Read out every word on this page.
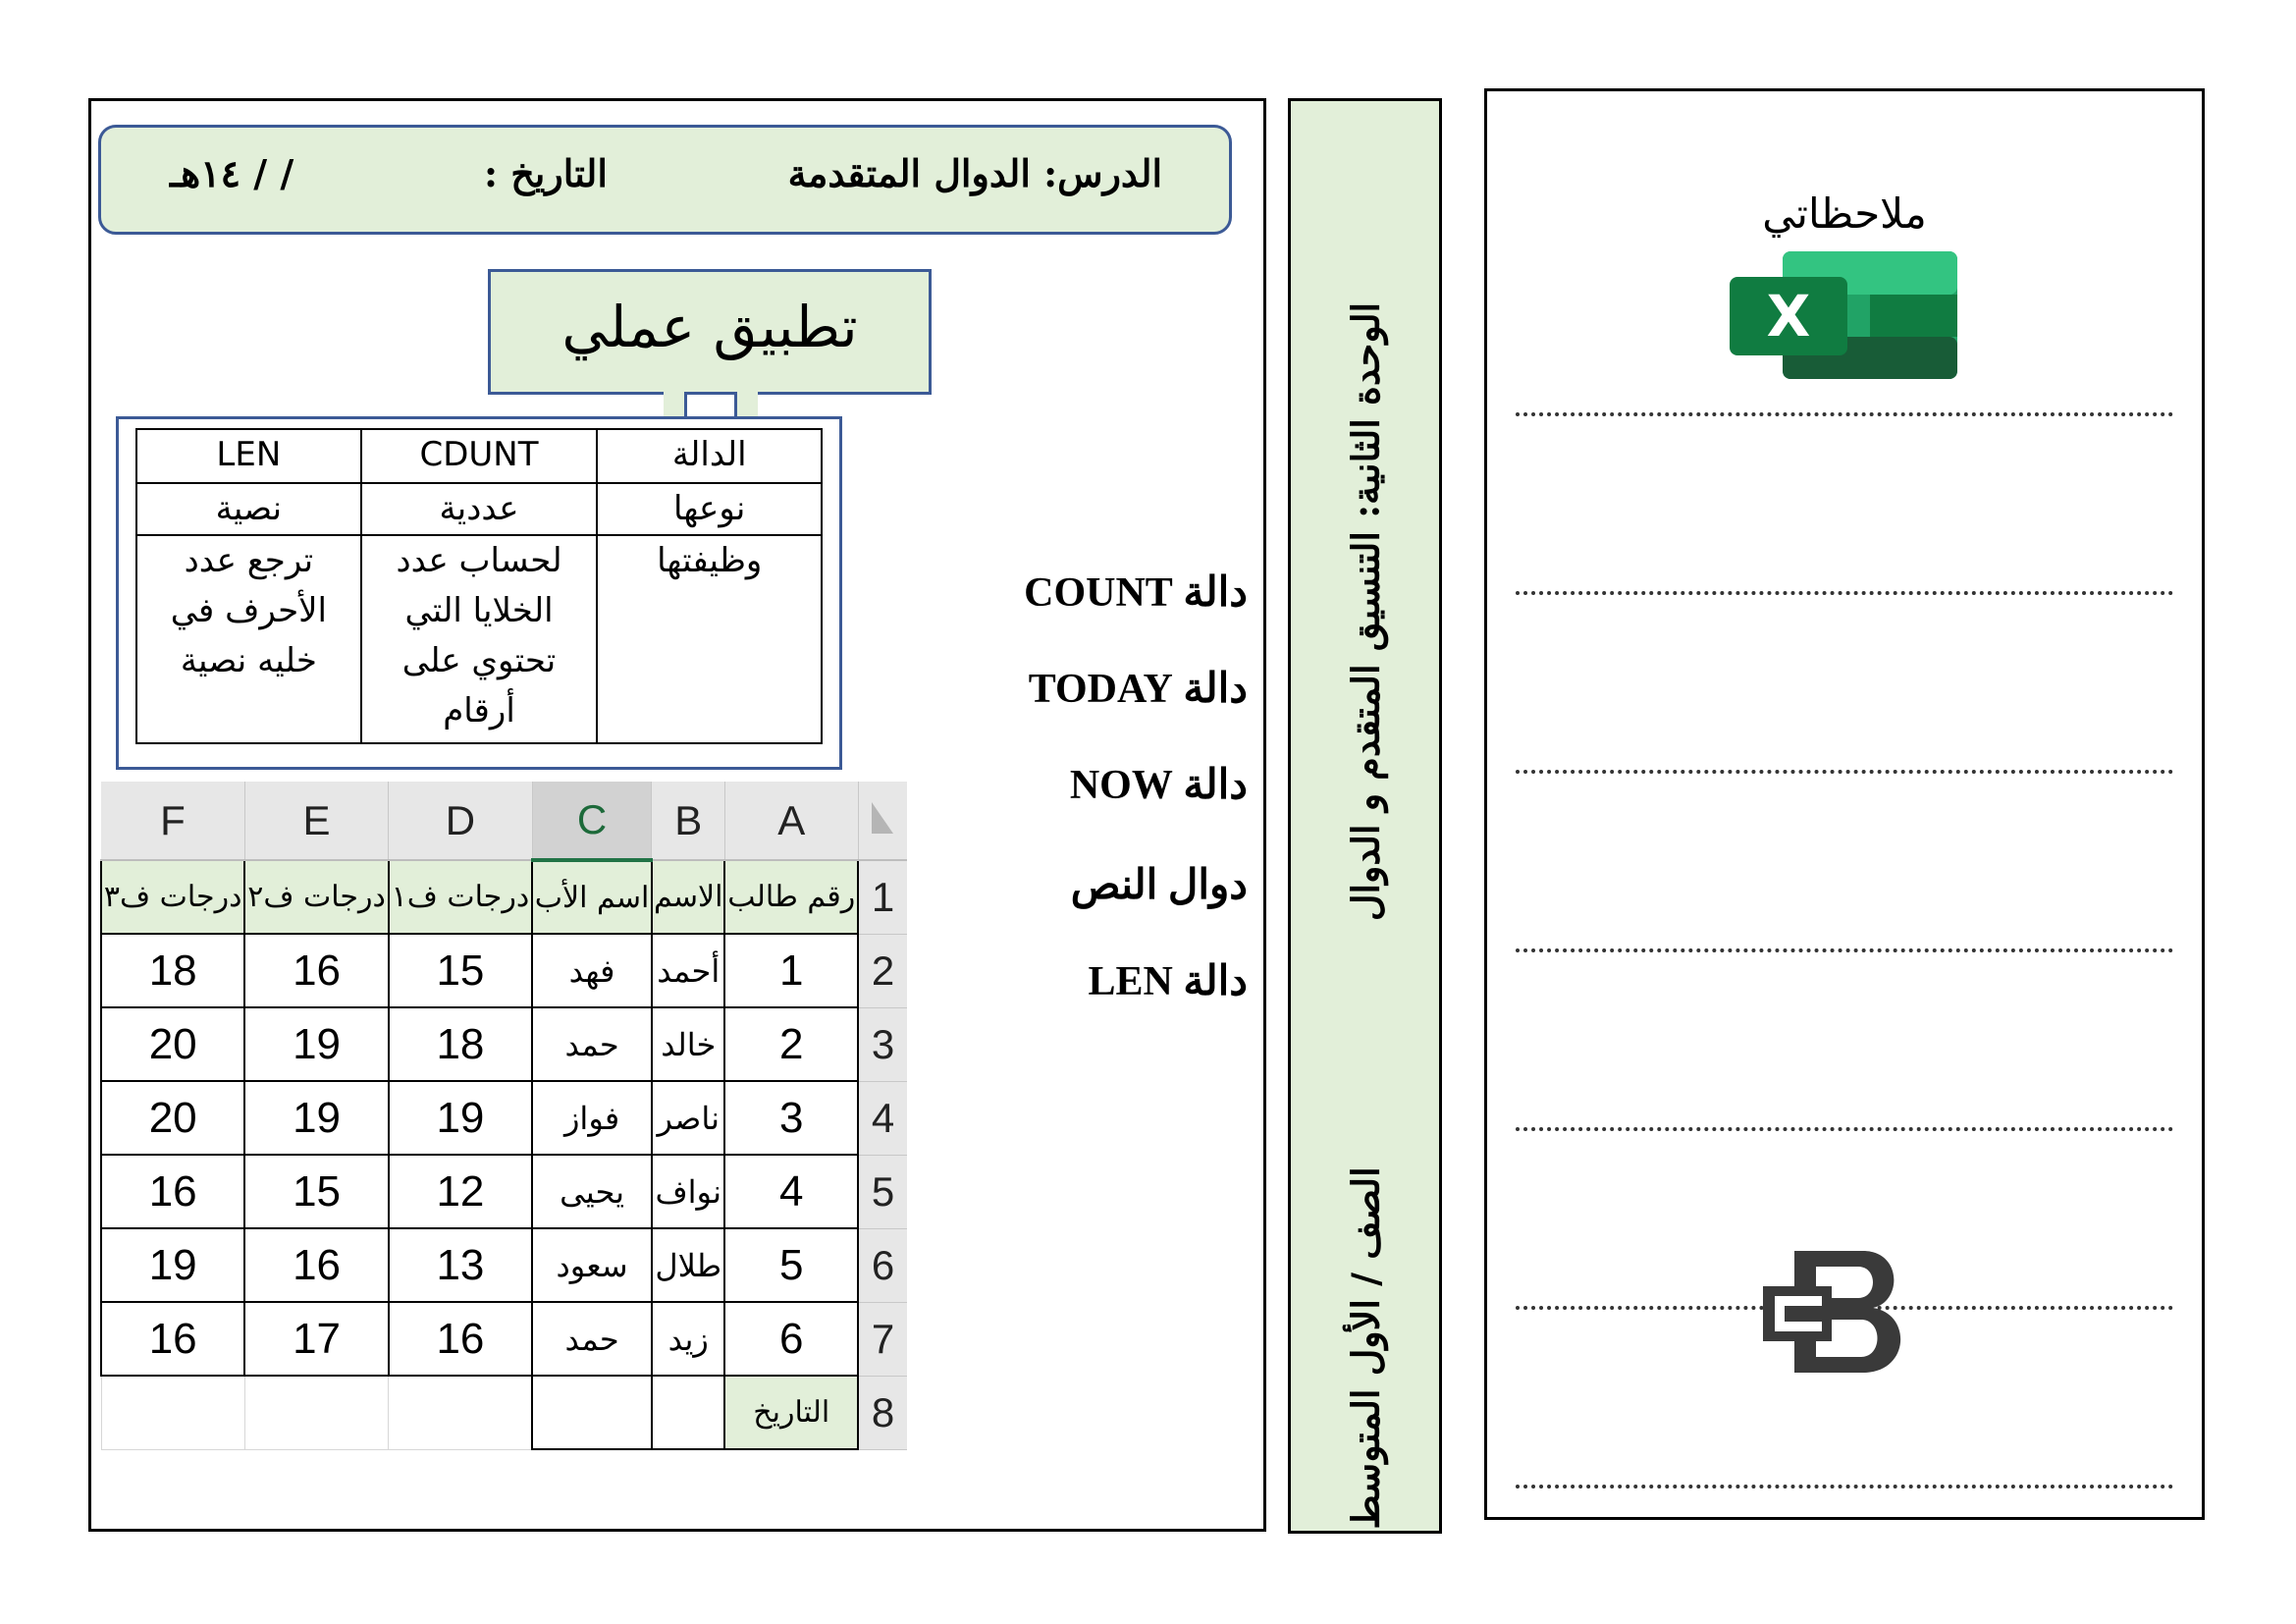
الدرس: الدوال المتقدمة
التاريخ :
/ / ١٤هـ
تطبيق عملي
الدالة	CDUNT	LEN
نوعها	عددية	نصية
وظيفتها	لحساب عدد الخلايا التي تحتوي على أرقام	ترجع عدد الأحرف في خليه نصية
F	E	D	C	B	A	
درجات ف٣	درجات ف٢	درجات ف١	اسم الأب	الاسم	رقم طالب	1
18	16	15	فهد	أحمد	1	2
20	19	18	حمد	خالد	2	3
20	19	19	فواز	ناصر	3	4
16	15	12	يحيى	نواف	4	5
19	16	13	سعود	طلال	5	6
16	17	16	حمد	زيد	6	7
					التاريخ	8
دالة COUNT
دالة TODAY
دالة NOW
دوال النص
دالة LEN
الوحدة الثانية: التنسيق المتقدم و الدوال
الصف / الأول المتوسط
ملاحظاتي
X
